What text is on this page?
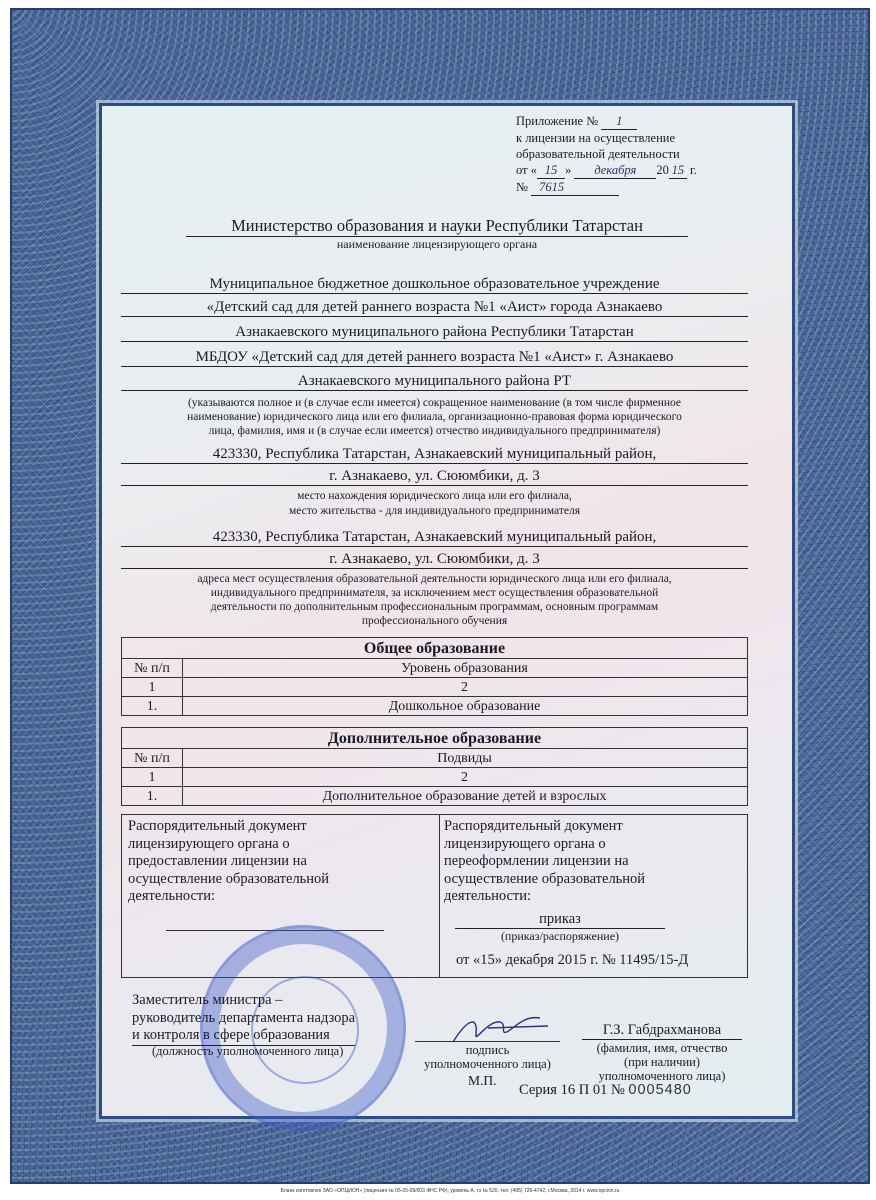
Приложение № 1
к лицензии на осуществление
образовательной деятельности
от « 15 » декабря 20 15 г.
№ 7615
Министерство образования и науки Республики Татарстан
наименование лицензирующего органа
Муниципальное бюджетное дошкольное образовательное учреждение
«Детский сад для детей раннего возраста №1 «Аист» города Азнакаево
Азнакаевского муниципального района Республики Татарстан
МБДОУ «Детский сад для детей раннего возраста №1 «Аист» г. Азнакаево
Азнакаевского муниципального района РТ
(указываются полное и (в случае если имеется) сокращенное наименование (в том числе фирменное
наименование) юридического лица или его филиала, организационно-правовая форма юридического
лица, фамилия, имя и (в случае если имеется) отчество индивидуального предпринимателя)
423330, Республика Татарстан, Азнакаевский муниципальный район,
г. Азнакаево, ул. Сююмбики, д. 3
место нахождения юридического лица или его филиала,
место жительства - для индивидуального предпринимателя
423330, Республика Татарстан, Азнакаевский муниципальный район,
г. Азнакаево, ул. Сююмбики, д. 3
адреса мест осуществления образовательной деятельности юридического лица или его филиала,
индивидуального предпринимателя, за исключением мест осуществления образовательной
деятельности по дополнительным профессиональным программам, основным программам
профессионального обучения
Общее образование
№ п/п	Уровень образования
1	2
1.	Дошкольное образование
Дополнительное образование
№ п/п	Подвиды
1	2
1.	Дополнительное образование детей и взрослых
Распорядительный документ
лицензирующего органа о
предоставлении лицензии на
осуществление образовательной
деятельности:
Распорядительный документ
лицензирующего органа о
переоформлении лицензии на
осуществление образовательной
деятельности:
приказ
(приказ/распоряжение)
от «15» декабря 2015 г. № 11495/15-Д
Заместитель министра –
руководитель департамента надзора
и контроля в сфере образования
(должность уполномоченного лица)	подпись
уполномоченного лица)
М.П.
Г.З. Габдрахманова
(фамилия, имя, отчество
(при наличии)
уполномоченного лица)
Серия 16 П 01 № 0005480
Бланк изготовлен ЗАО «ОПЦИОН» (лицензия № 05-05-09/003 ФНС РФ), уровень А, тз № 520, тел. (495) 726-4742, г.Москва, 2014 г. www.opcion.ru
